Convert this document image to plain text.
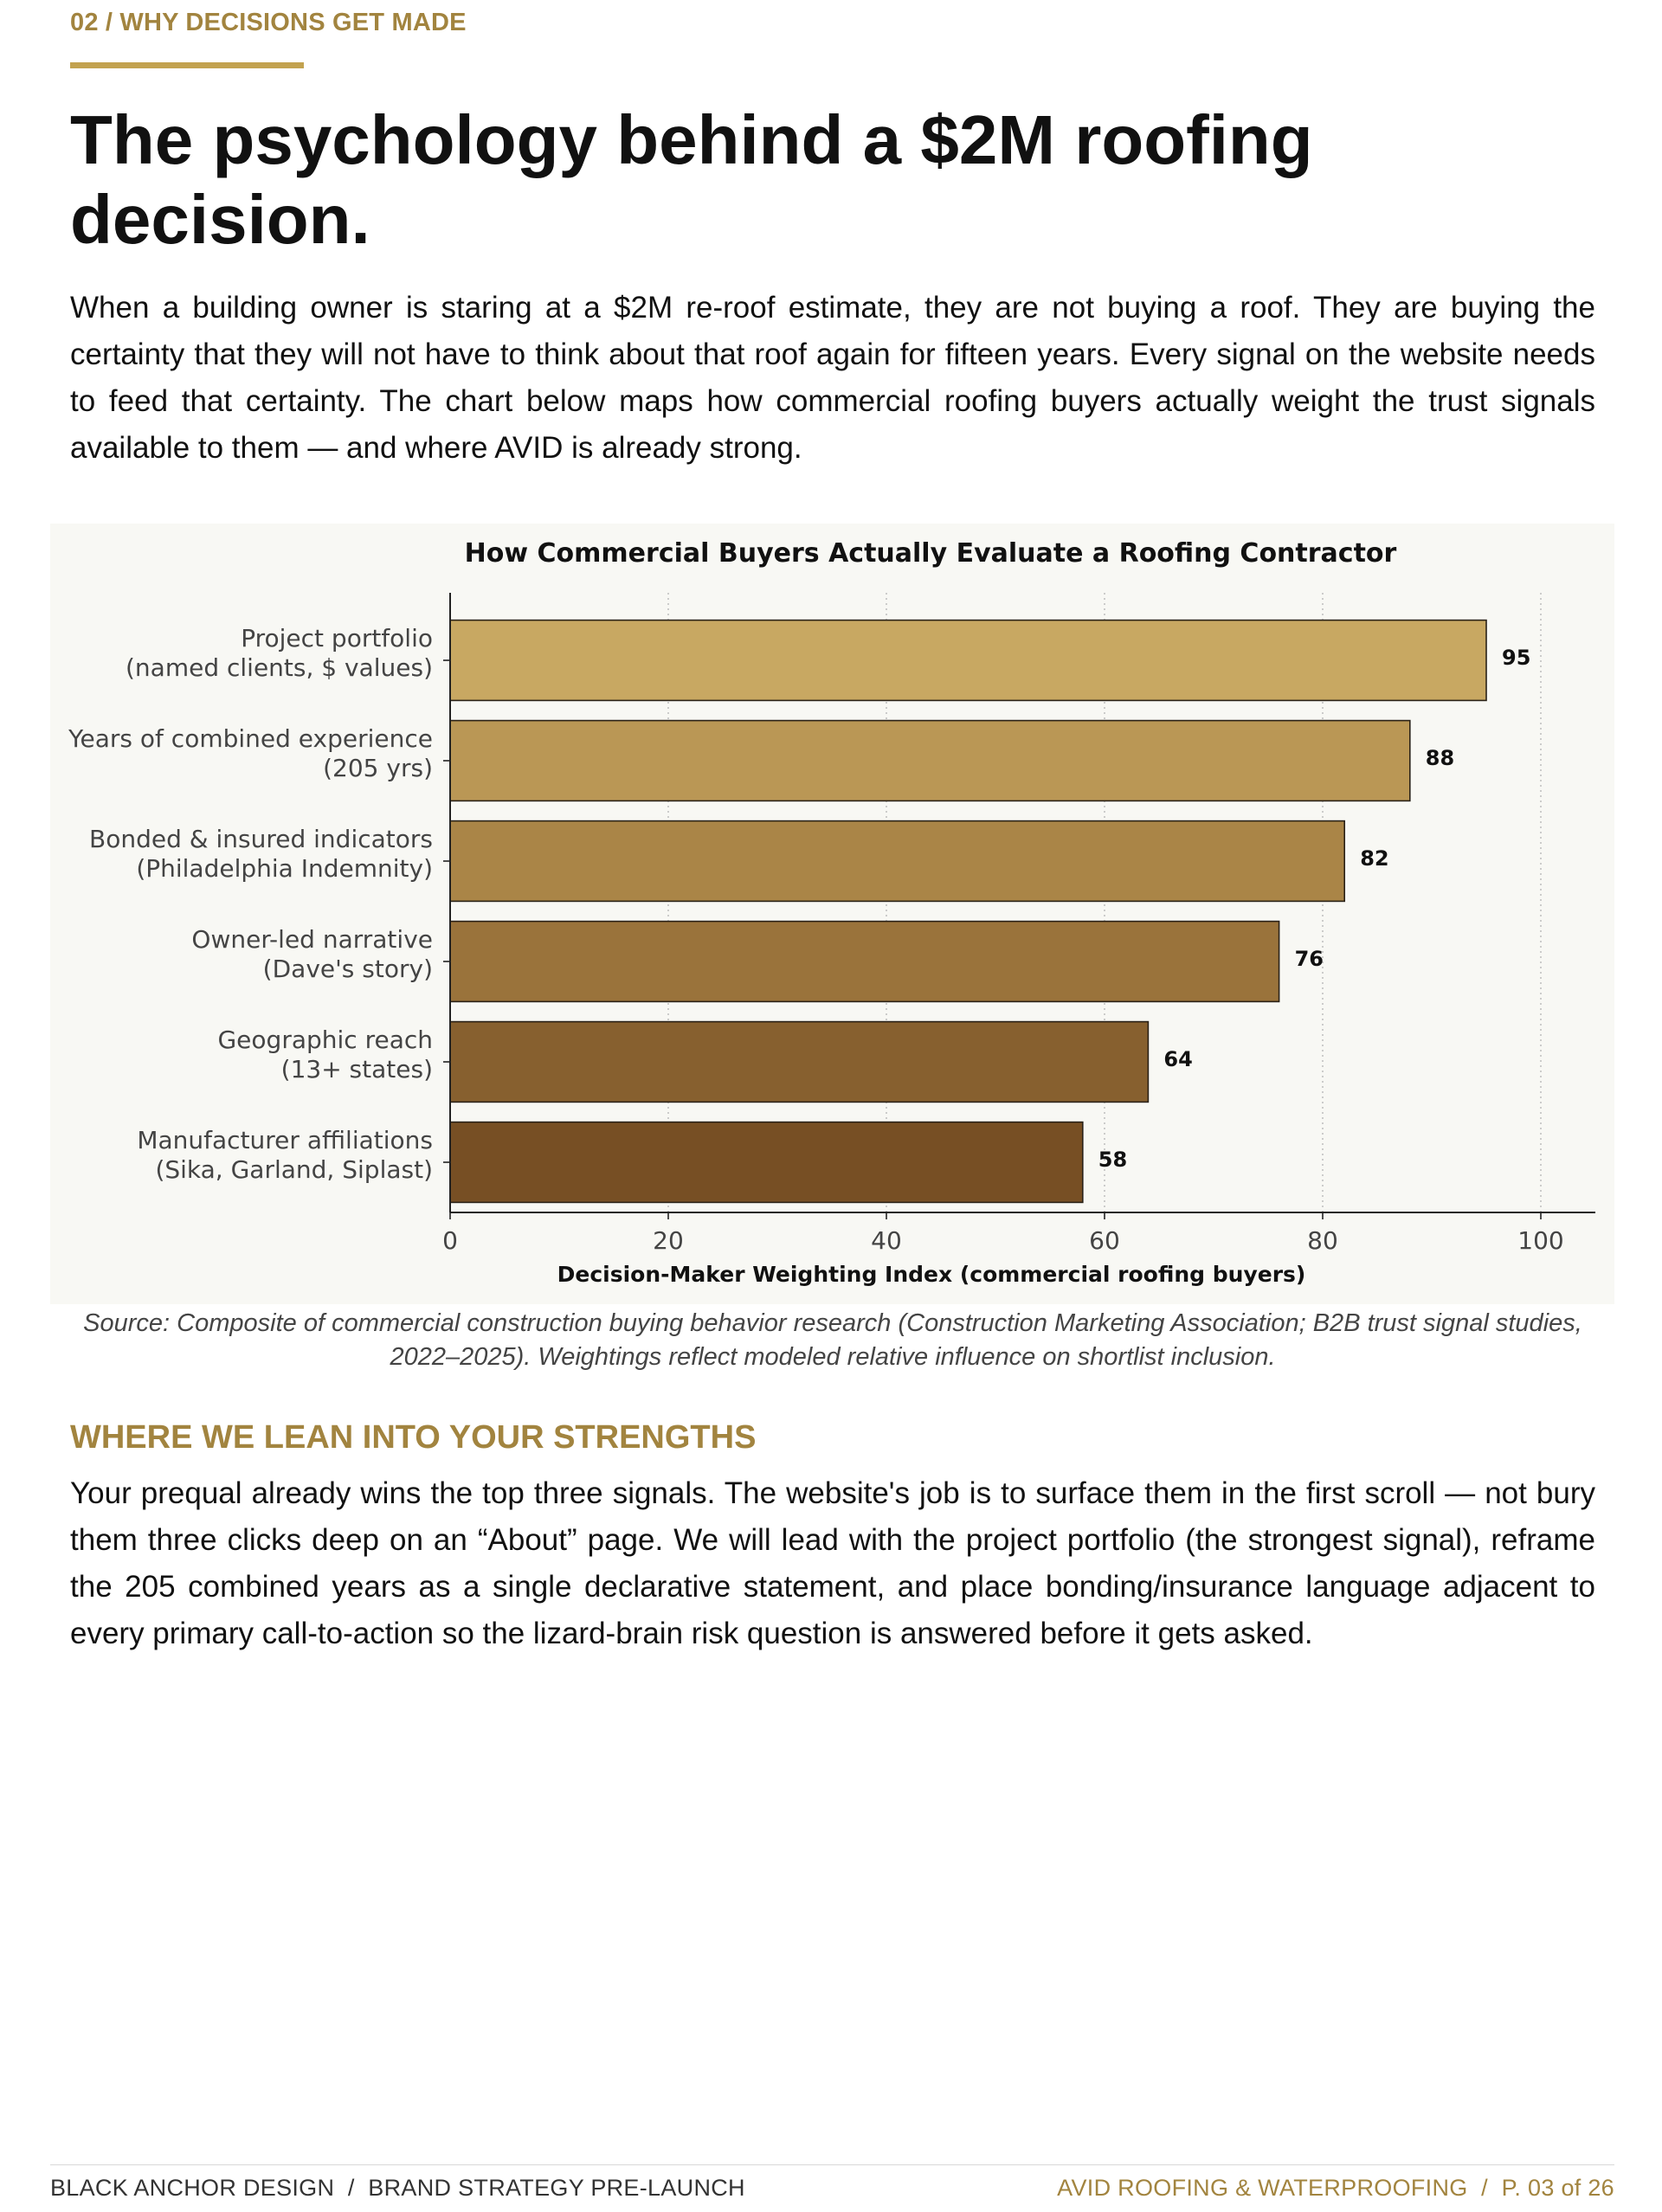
02 / WHY DECISIONS GET MADE
The psychology behind a $2M roofing decision.

When a building owner is staring at a $2M re-roof estimate, they are not buying a roof. They are buying the certainty that they will not have to think about that roof again for fifteen years. Every signal on the website needs to feed that certainty. The chart below maps how commercial roofing buyers actually weight the trust signals available to them — and where AVID is already strong.

95
88
82
76
64
58
Project portfolio (named clients, $ values)
Years of combined experience (205 yrs)
Bonded & insured indicators (Philadelphia Indemnity)
Owner-led narrative (Dave's story)
Geographic reach (13+ states)
Manufacturer affiliations (Sika, Garland, Siplast)
0	20	40	60	80	100
How Commercial Buyers Actually Evaluate a Roofing Contractor
Decision-Maker Weighting Index (commercial roofing buyers)

Source: Composite of commercial construction buying behavior research (Construction Marketing Association; B2B trust signal studies, 2022–2025). Weightings reflect modeled relative influence on shortlist inclusion.

WHERE WE LEAN INTO YOUR STRENGTHS

Your prequal already wins the top three signals. The website's job is to surface them in the first scroll — not bury them three clicks deep on an “About” page. We will lead with the project portfolio (the strongest signal), reframe the 205 combined years as a single declarative statement, and place bonding/insurance language adjacent to every primary call-to-action so the lizard-brain risk question is answered before it gets asked.

BLACK ANCHOR DESIGN  /  BRAND STRATEGY PRE-LAUNCH	AVID ROOFING & WATERPROOFING  /  P. 03 of 26
